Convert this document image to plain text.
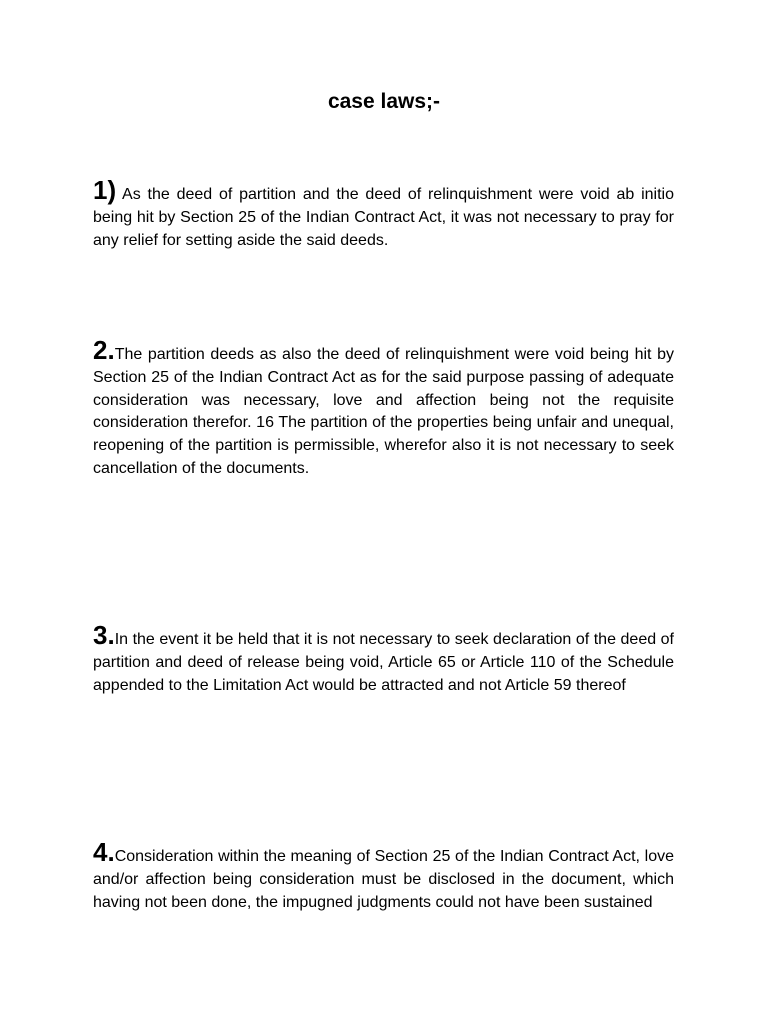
case laws;-

1) As the deed of partition and the deed of relinquishment were void ab initio being hit by Section 25 of the Indian Contract Act, it was not necessary to pray for any relief for setting aside the said deeds.

2.The partition deeds as also the deed of relinquishment were void being hit by Section 25 of the Indian Contract Act as for the said purpose passing of adequate consideration was necessary, love and affection being not the requisite consideration therefor. 16 The partition of the properties being unfair and unequal, reopening of the partition is permissible, wherefor also it is not necessary to seek cancellation of the documents.

3.In the event it be held that it is not necessary to seek declaration of the deed of partition and deed of release being void, Article 65 or Article 110 of the Schedule appended to the Limitation Act would be attracted and not Article 59 thereof

4.Consideration within the meaning of Section 25 of the Indian Contract Act, love and/or affection being consideration must be disclosed in the document, which having not been done, the impugned judgments could not have been sustained
